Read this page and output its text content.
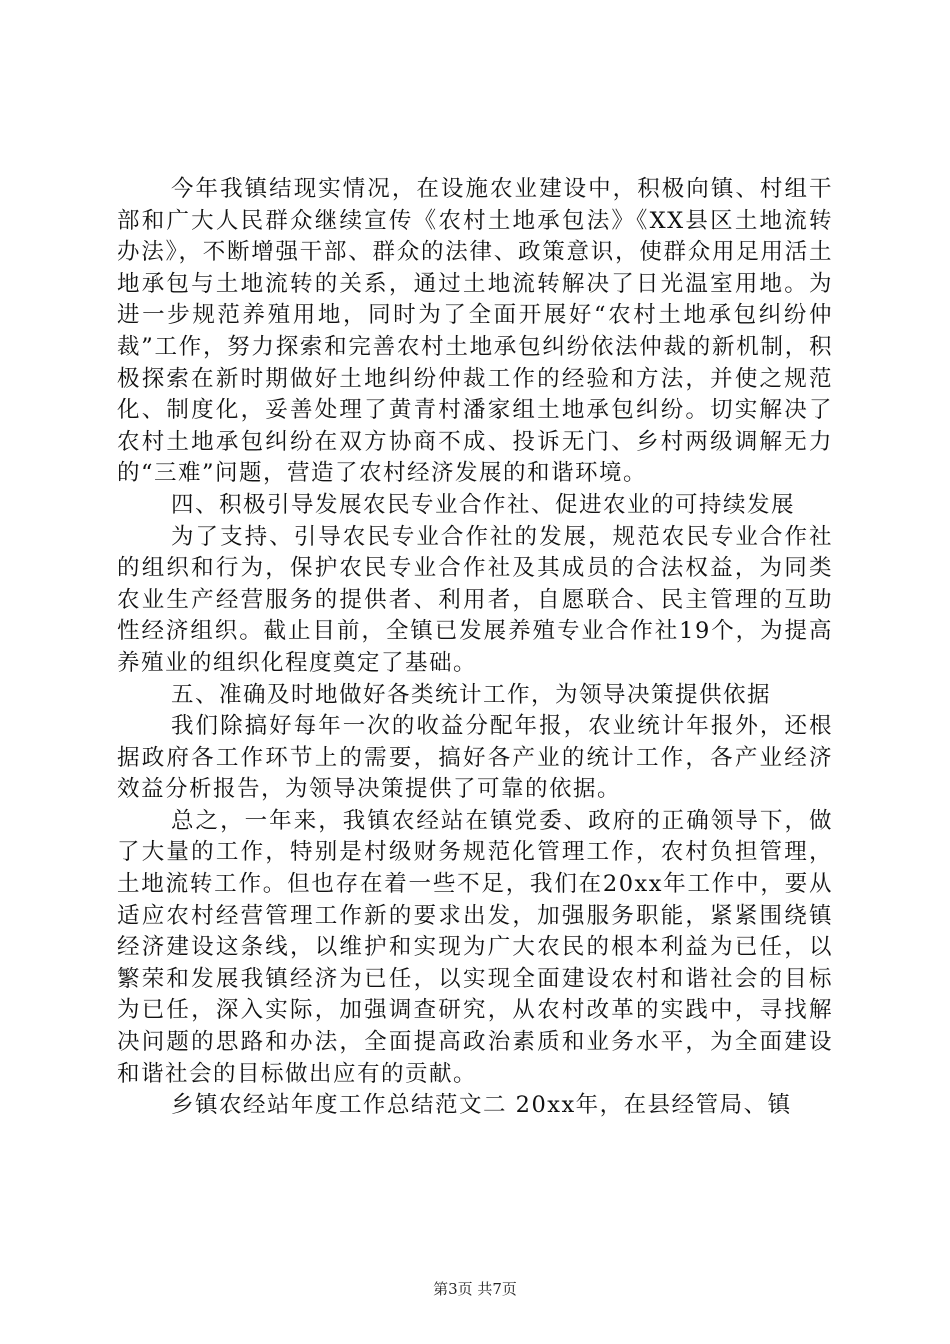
今年我镇结现实情况，在设施农业建设中，积极向镇、村组干部和广大人民群众继续宣传《农村土地承包法》《XX县区土地流转办法》，不断增强干部、群众的法律、政策意识，使群众用足用活土地承包与土地流转的关系，通过土地流转解决了日光温室用地。为进一步规范养殖用地，同时为了全面开展好“农村土地承包纠纷仲裁”工作，努力探索和完善农村土地承包纠纷依法仲裁的新机制，积极探索在新时期做好土地纠纷仲裁工作的经验和方法，并使之规范化、制度化，妥善处理了黄青村潘家组土地承包纠纷。切实解决了农村土地承包纠纷在双方协商不成、投诉无门、乡村两级调解无力的“三难”问题，营造了农村经济发展的和谐环境。

四、积极引导发展农民专业合作社、促进农业的可持续发展

为了支持、引导农民专业合作社的发展，规范农民专业合作社的组织和行为，保护农民专业合作社及其成员的合法权益，为同类农业生产经营服务的提供者、利用者，自愿联合、民主管理的互助性经济组织。截止目前，全镇已发展养殖专业合作社19个，为提高养殖业的组织化程度奠定了基础。

五、准确及时地做好各类统计工作，为领导决策提供依据

我们除搞好每年一次的收益分配年报，农业统计年报外，还根据政府各工作环节上的需要，搞好各产业的统计工作，各产业经济效益分析报告，为领导决策提供了可靠的依据。

总之，一年来，我镇农经站在镇党委、政府的正确领导下，做了大量的工作，特别是村级财务规范化管理工作，农村负担管理，土地流转工作。但也存在着一些不足，我们在20xx年工作中，要从适应农村经营管理工作新的要求出发，加强服务职能，紧紧围绕镇经济建设这条线，以维护和实现为广大农民的根本利益为已任，以繁荣和发展我镇经济为已任，以实现全面建设农村和谐社会的目标为已任，深入实际，加强调查研究，从农村改革的实践中，寻找解决问题的思路和办法，全面提高政治素质和业务水平，为全面建设和谐社会的目标做出应有的贡献。

乡镇农经站年度工作总结范文二 20xx年，在县经管局、镇

第3页 共7页
